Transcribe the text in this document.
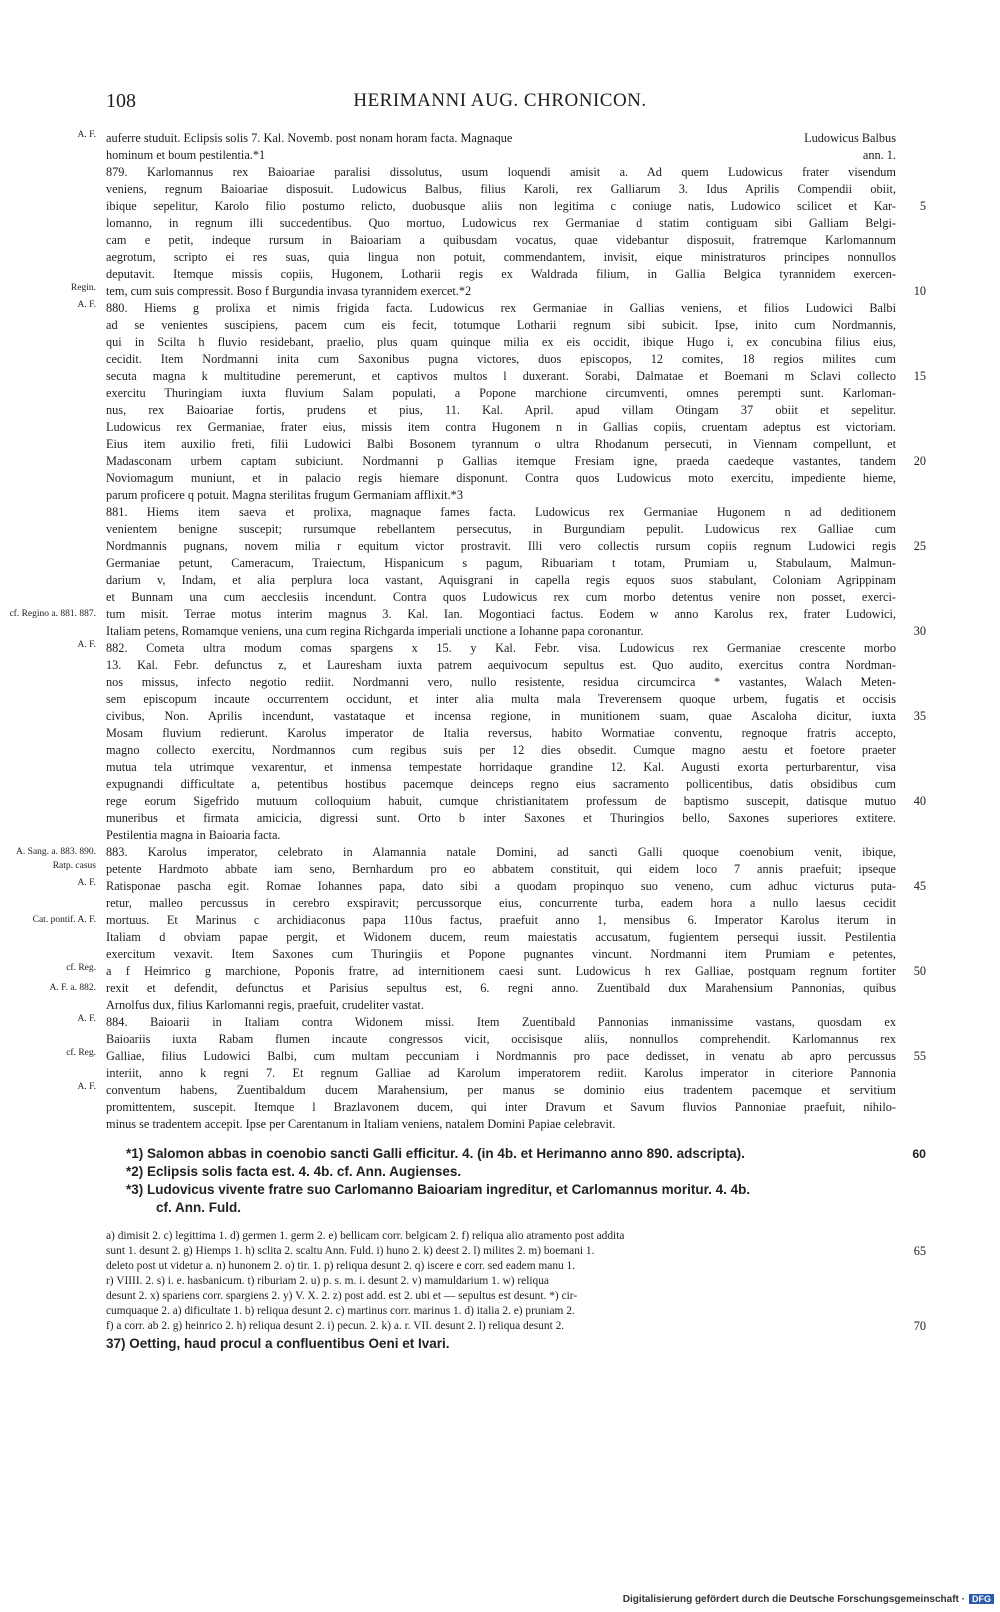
108	HERIMANNI AUG. CHRONICON.
A. F. auferre studuit. Eclipsis solis 7. Kal. Novemb. post nonam horam facta. Magnaque	Ludowicus Balbus
hominum et boum pestilentia.*1	ann. 1.
879. Karlomannus rex Baioariae paralisi dissolutus, usum loquendi amisit a. Ad quem Ludowicus frater visendum
veniens, regnum Baioariae disposuit. Ludowicus Balbus, filius Karoli, rex Galliarum 3. Idus Aprilis Compendii obiit,
ibique sepelitur, Karolo filio postumo relicto, duobusque aliis non legitima c coniuge natis, Ludowico scilicet et Kar-	5
lomanno, in regnum illi succedentibus. Quo mortuo, Ludowicus rex Germaniae d statim contiguam sibi Galliam Belgi-
cam e petit, indeque rursum in Baioariam a quibusdam vocatus, quae videbantur disposuit, fratremque Karlomannum
aegrotum, scripto ei res suas, quia lingua non potuit, commendantem, invisit, eique ministraturos principes nonnullos
deputavit. Itemque missis copiis, Hugonem, Lotharii regis ex Waldrada filium, in Gallia Belgica tyrannidem exercen-
Regin. tem, cum suis compressit. Boso f Burgundia invasa tyrannidem exercet.*2	10
A. F. 880. Hiems g prolixa et nimis frigida facta. Ludowicus rex Germaniae in Gallias veniens, et filios Ludowici Balbi
ad se venientes suscipiens, pacem cum eis fecit, totumque Lotharii regnum sibi subicit. Ipse, inito cum Nordmannis,
qui in Scilta h fluvio residebant, praelio, plus quam quinque milia ex eis occidit, ibique Hugo i, ex concubina filius eius,
cecidit. Item Nordmanni inita cum Saxonibus pugna victores, duos episcopos, 12 comites, 18 regios milites cum
secuta magna k multitudine peremerunt, et captivos multos l duxerant. Sorabi, Dalmatae et Boemani m Sclavi collecto	15
exercitu Thuringiam iuxta fluvium Salam populati, a Popone marchione circumventi, omnes perempti sunt. Karloman-
nus, rex Baioariae fortis, prudens et pius, 11. Kal. April. apud villam Otingam 37 obiit et sepelitur.
Ludowicus rex Germaniae, frater eius, missis item contra Hugonem n in Gallias copiis, cruentam adeptus est victoriam.
Eius item auxilio freti, filii Ludowici Balbi Bosonem tyrannum o ultra Rhodanum persecuti, in Viennam compellunt, et
Madasconam urbem captam subiciunt. Nordmanni p Gallias itemque Fresiam igne, praeda caedeque vastantes, tandem	20
Noviomagum muniunt, et in palacio regis hiemare disponunt. Contra quos Ludowicus moto exercitu, impediente hieme,
parum proficere q potuit. Magna sterilitas frugum Germaniam afflixit.*3
881. Hiems item saeva et prolixa, magnaque fames facta. Ludowicus rex Germaniae Hugonem n ad deditionem
venientem benigne suscepit; rursumque rebellantem persecutus, in Burgundiam pepulit. Ludowicus rex Galliae cum
Nordmannis pugnans, novem milia r equitum victor prostravit. Illi vero collectis rursum copiis regnum Ludowici regis	25
Germaniae petunt, Cameracum, Traiectum, Hispanicum s pagum, Ribuariam t totam, Prumiam u, Stabulaum, Malmun-
darium v, Indam, et alia perplura loca vastant, Aquisgrani in capella regis equos suos stabulant, Coloniam Agrippinam
et Bunnam una cum aecclesiis incendunt. Contra quos Ludowicus rex cum morbo detentus venire non posset, exerci-
cf. Regino a. 881. 887. tum misit. Terrae motus interim magnus 3. Kal. Ian. Mogontiaci factus. Eodem w anno Karolus rex, frater Ludowici,
Italiam petens, Romamque veniens, una cum regina Richgarda imperiali unctione a Iohanne papa coronantur.	30
A. F. 882. Cometa ultra modum comas spargens x 15. y Kal. Febr. visa. Ludowicus rex Germaniae crescente morbo
13. Kal. Febr. defunctus z, et Lauresham iuxta patrem aequivocum sepultus est. Quo audito, exercitus contra Nordman-
nos missus, infecto negotio rediit. Nordmanni vero, nullo resistente, residua circumcirca * vastantes, Walach Meten-
sem episcopum incaute occurrentem occidunt, et inter alia multa mala Treverensem quoque urbem, fugatis et occisis
civibus, Non. Aprilis incendunt, vastataque et incensa regione, in munitionem suam, quae Ascaloha dicitur, iuxta	35
Mosam fluvium redierunt. Karolus imperator de Italia reversus, habito Wormatiae conventu, regnoque fratris accepto,
magno collecto exercitu, Nordmannos cum regibus suis per 12 dies obsedit. Cumque magno aestu et foetore praeter
mutua tela utrimque vexarentur, et inmensa tempestate horridaque grandine 12. Kal. Augusti exorta perturbarentur, visa
expugnandi difficultate a, petentibus hostibus pacemque deinceps regno eius sacramento pollicentibus, datis obsidibus cum
rege eorum Sigefrido mutuum colloquium habuit, cumque christianitatem professum de baptismo suscepit, datisque mutuo	40
muneribus et firmata amicicia, digressi sunt. Orto b inter Saxones et Thuringios bello, Saxones superiores extitere.
Pestilentia magna in Baioaria facta.
A. Sang. a. 883. 890. 883. Karolus imperator, celebrato in Alamannia natale Domini, ad sancti Galli quoque coenobium venit, ibique,
Ratp. casus petente Hardmoto abbate iam seno, Bernhardum pro eo abbatem constituit, qui eidem loco 7 annis praefuit; ipseque
A. F. Ratisponae pascha egit. Romae Iohannes papa, dato sibi a quodam propinquo suo veneno, cum adhuc victurus puta-	45
retur, malleo percussus in cerebro exspiravit; percussorque eius, concurrente turba, eadem hora a nullo laesus cecidit
Cat. pontif. A. F. mortuus. Et Marinus c archidiaconus papa 110us factus, praefuit anno 1, mensibus 6. Imperator Karolus iterum in
Italiam d obviam papae pergit, et Widonem ducem, reum maiestatis accusatum, fugientem persequi iussit. Pestilentia
exercitum vexavit. Item Saxones cum Thuringiis et Popone pugnantes vincunt. Nordmanni item Prumiam e petentes,
cf. Reg. a f Heimrico g marchione, Poponis fratre, ad internitionem caesi sunt. Ludowicus h rex Galliae, postquam regnum fortiter	50
A. F. a. 882. rexit et defendit, defunctus et Parisius sepultus est, 6. regni anno. Zuentibald dux Marahensium Pannonias, quibus
Arnolfus dux, filius Karlomanni regis, praefuit, crudeliter vastat.
A. F. 884. Baioarii in Italiam contra Widonem missi. Item Zuentibald Pannonias inmanissime vastans, quosdam ex
Baioariis iuxta Rabam flumen incaute congressos vicit, occisisque aliis, nonnullos comprehendit. Karlomannus rex
cf. Reg. Galliae, filius Ludowici Balbi, cum multam peccuniam i Nordmannis pro pace dedisset, in venatu ab apro percussus	55
interiit, anno k regni 7. Et regnum Galliae ad Karolum imperatorem rediit. Karolus imperator in citeriore Pannonia
A. F. conventum habens, Zuentibaldum ducem Marahensium, per manus se dominio eius tradentem pacemque et servitium
promittentem, suscepit. Itemque l Brazlavonem ducem, qui inter Dravum et Savum fluvios Pannoniae praefuit, nihilo-
minus se tradentem accepit. Ipse per Carentanum in Italiam veniens, natalem Domini Papiae celebravit.
*1) Salomon abbas in coenobio sancti Galli efficitur. 4. (in 4b. et Herimanno anno 890. adscripta).	60
*2) Eclipsis solis facta est. 4. 4b. cf. Ann. Augienses.
*3) Ludovicus vivente fratre suo Carlomanno Baioariam ingreditur, et Carlomannus moritur. 4. 4b.
cf. Ann. Fuld.
a) dimisit 2. c) legittima 1. d) germen 1. germ 2. e) bellicam corr. belgicam 2. f) reliqua alio atramento post addita
sunt 1. desunt 2. g) Hiemps 1. h) sclita 2. scaltu Ann. Fuld. i) huno 2. k) deest 2. l) milites 2. m) boemani 1.	65
deleto post ut videtur a. n) hunonem 2. o) tir. 1. p) reliqua desunt 2. q) iscere e corr. sed eadem manu 1.
r) VIIII. 2. s) i. e. hasbanicum. t) riburiam 2. u) p. s. m. i. desunt 2. v) mamuldarium 1. w) reliqua
desunt 2. x) spariens corr. spargiens 2. y) V. X. 2. z) post add. est 2. ubi et — sepultus est desunt. *) cir-
cumquaque 2. a) dificultate 1. b) reliqua desunt 2. c) martinus corr. marinus 1. d) italia 2. e) pruniam 2.
f) a corr. ab 2. g) heinrico 2. h) reliqua desunt 2. i) pecun. 2. k) a. r. VII. desunt 2. l) reliqua desunt 2.	70
37) Oetting, haud procul a confluentibus Oeni et Ivari.
Digitalisierung gefördert durch die Deutsche Forschungsgemeinschaft · DFG
